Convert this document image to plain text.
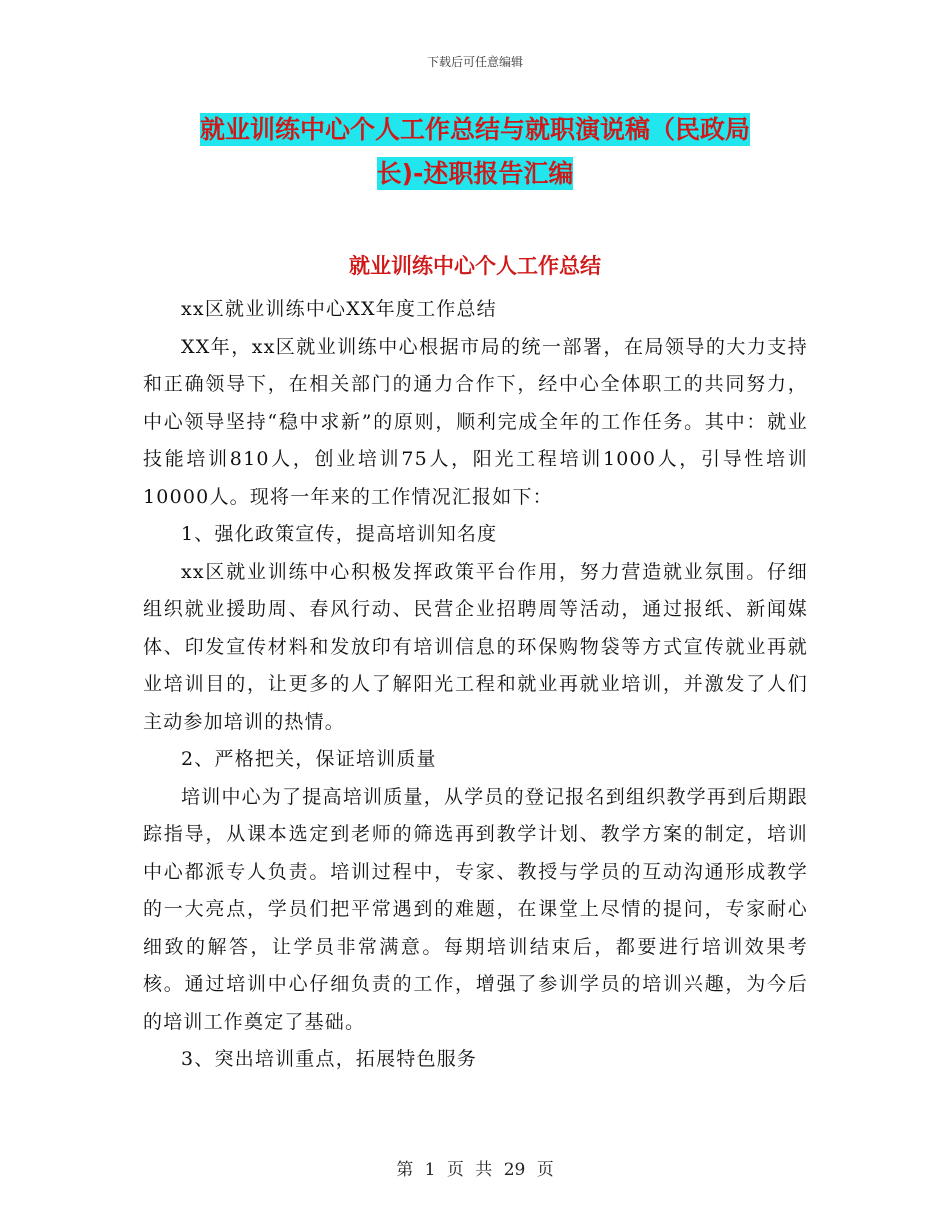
下载后可任意编辑
就业训练中心个人工作总结与就职演说稿（民政局
长)-述职报告汇编
就业训练中心个人工作总结

xx区就业训练中心XX年度工作总结

XX年，xx区就业训练中心根据市局的统一部署，在局领导的大力支持和正确领导下，在相关部门的通力合作下，经中心全体职工的共同努力，中心领导坚持“稳中求新”的原则，顺利完成全年的工作任务。其中：就业技能培训810人，创业培训75人，阳光工程培训1000人，引导性培训10000人。现将一年来的工作情况汇报如下：

1、强化政策宣传，提高培训知名度

xx区就业训练中心积极发挥政策平台作用，努力营造就业氛围。仔细组织就业援助周、春风行动、民营企业招聘周等活动，通过报纸、新闻媒体、印发宣传材料和发放印有培训信息的环保购物袋等方式宣传就业再就业培训目的，让更多的人了解阳光工程和就业再就业培训，并激发了人们主动参加培训的热情。

2、严格把关，保证培训质量

培训中心为了提高培训质量，从学员的登记报名到组织教学再到后期跟踪指导，从课本选定到老师的筛选再到教学计划、教学方案的制定，培训中心都派专人负责。培训过程中，专家、教授与学员的互动沟通形成教学的一大亮点，学员们把平常遇到的难题，在课堂上尽情的提问，专家耐心细致的解答，让学员非常满意。每期培训结束后，都要进行培训效果考核。通过培训中心仔细负责的工作，增强了参训学员的培训兴趣，为今后的培训工作奠定了基础。

3、突出培训重点，拓展特色服务

第 1 页 共 29 页
